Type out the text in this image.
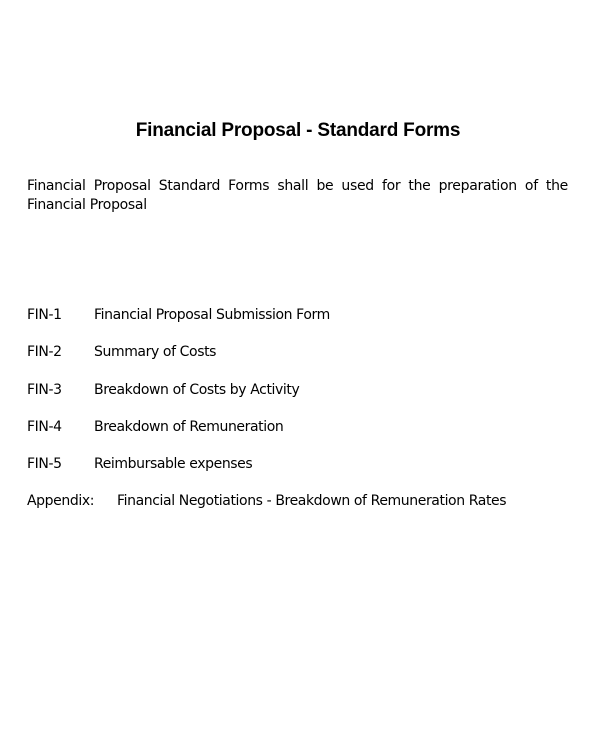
Financial Proposal - Standard Forms

Financial Proposal Standard Forms shall be used for the preparation of the Financial Proposal

FIN-1	Financial Proposal Submission Form
FIN-2	Summary of Costs
FIN-3	Breakdown of Costs by Activity
FIN-4	Breakdown of Remuneration
FIN-5	Reimbursable expenses
Appendix:	Financial Negotiations - Breakdown of Remuneration Rates
